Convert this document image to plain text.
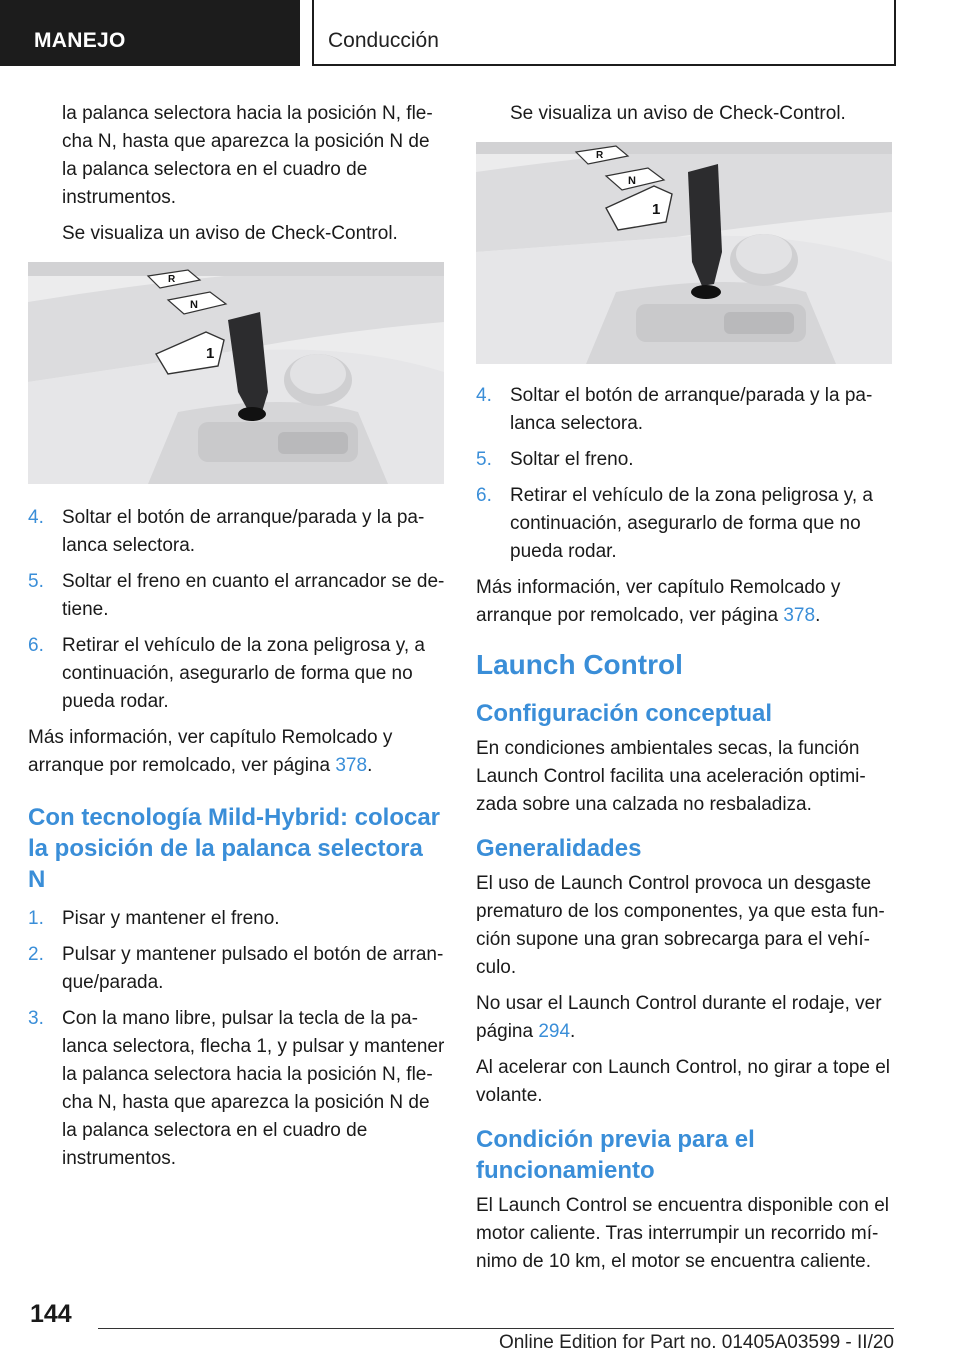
MANEJO	Conducción

la palanca selectora hacia la posición N, flecha N, hasta que aparezca la posición N de la palanca selectora en el cuadro de instrumentos.

Se visualiza un aviso de Check-Control.

R
N
1
4. Soltar el botón de arranque/parada y la palanca selectora.
5. Soltar el freno en cuanto el arrancador se detiene.
6. Retirar el vehículo de la zona peligrosa y, a continuación, asegurarlo de forma que no pueda rodar.

Más información, ver capítulo Remolcado y arranque por remolcado, ver página 378.

Con tecnología Mild-Hybrid: colocar la posición de la palanca selectora N
1. Pisar y mantener el freno.
2. Pulsar y mantener pulsado el botón de arranque/parada.
3. Con la mano libre, pulsar la tecla de la palanca selectora, flecha 1, y pulsar y mantener la palanca selectora hacia la posición N, flecha N, hasta que aparezca la posición N de la palanca selectora en el cuadro de instrumentos.

Se visualiza un aviso de Check-Control.

R
N
1
4. Soltar el botón de arranque/parada y la palanca selectora.
5. Soltar el freno.
6. Retirar el vehículo de la zona peligrosa y, a continuación, asegurarlo de forma que no pueda rodar.

Más información, ver capítulo Remolcado y arranque por remolcado, ver página 378.

Launch Control
Configuración conceptual

En condiciones ambientales secas, la función Launch Control facilita una aceleración optimizada sobre una calzada no resbaladiza.

Generalidades

El uso de Launch Control provoca un desgaste prematuro de los componentes, ya que esta función supone una gran sobrecarga para el vehículo.

No usar el Launch Control durante el rodaje, ver página 294.

Al acelerar con Launch Control, no girar a tope el volante.

Condición previa para el funcionamiento

El Launch Control se encuentra disponible con el motor caliente. Tras interrumpir un recorrido mínimo de 10 km, el motor se encuentra caliente.

144
Online Edition for Part no. 01405A03599 - II/20
